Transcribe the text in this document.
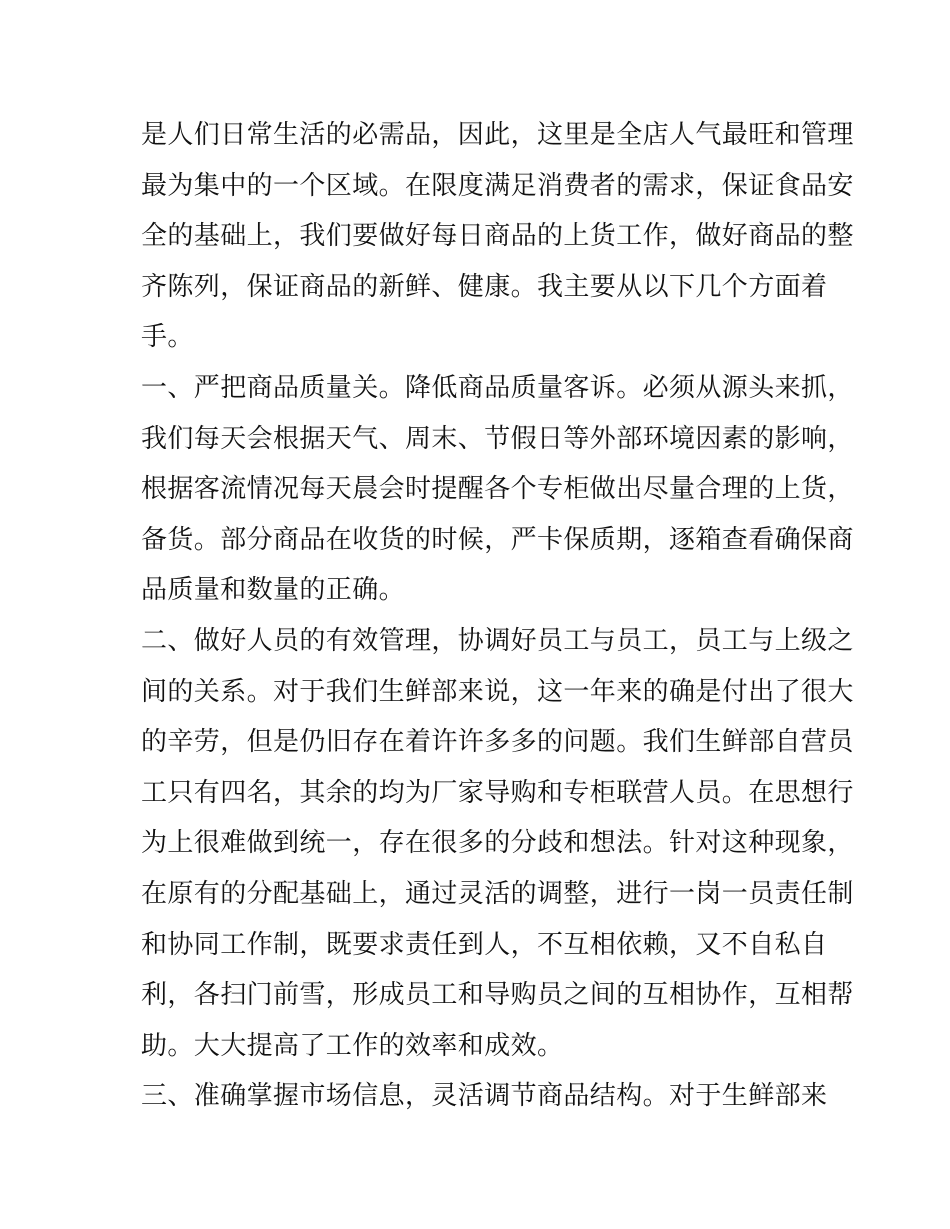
是人们日常生活的必需品，因此，这里是全店人气最旺和管理
最为集中的一个区域。在限度满足消费者的需求，保证食品安
全的基础上，我们要做好每日商品的上货工作，做好商品的整
齐陈列，保证商品的新鲜、健康。我主要从以下几个方面着
手。
一、严把商品质量关。降低商品质量客诉。必须从源头来抓，
我们每天会根据天气、周末、节假日等外部环境因素的影响，
根据客流情况每天晨会时提醒各个专柜做出尽量合理的上货，
备货。部分商品在收货的时候，严卡保质期，逐箱查看确保商
品质量和数量的正确。
二、做好人员的有效管理，协调好员工与员工，员工与上级之
间的关系。对于我们生鲜部来说，这一年来的确是付出了很大
的辛劳，但是仍旧存在着许许多多的问题。我们生鲜部自营员
工只有四名，其余的均为厂家导购和专柜联营人员。在思想行
为上很难做到统一，存在很多的分歧和想法。针对这种现象，
在原有的分配基础上，通过灵活的调整，进行一岗一员责任制
和协同工作制，既要求责任到人，不互相依赖，又不自私自
利，各扫门前雪，形成员工和导购员之间的互相协作，互相帮
助。大大提高了工作的效率和成效。
三、准确掌握市场信息，灵活调节商品结构。对于生鲜部来
